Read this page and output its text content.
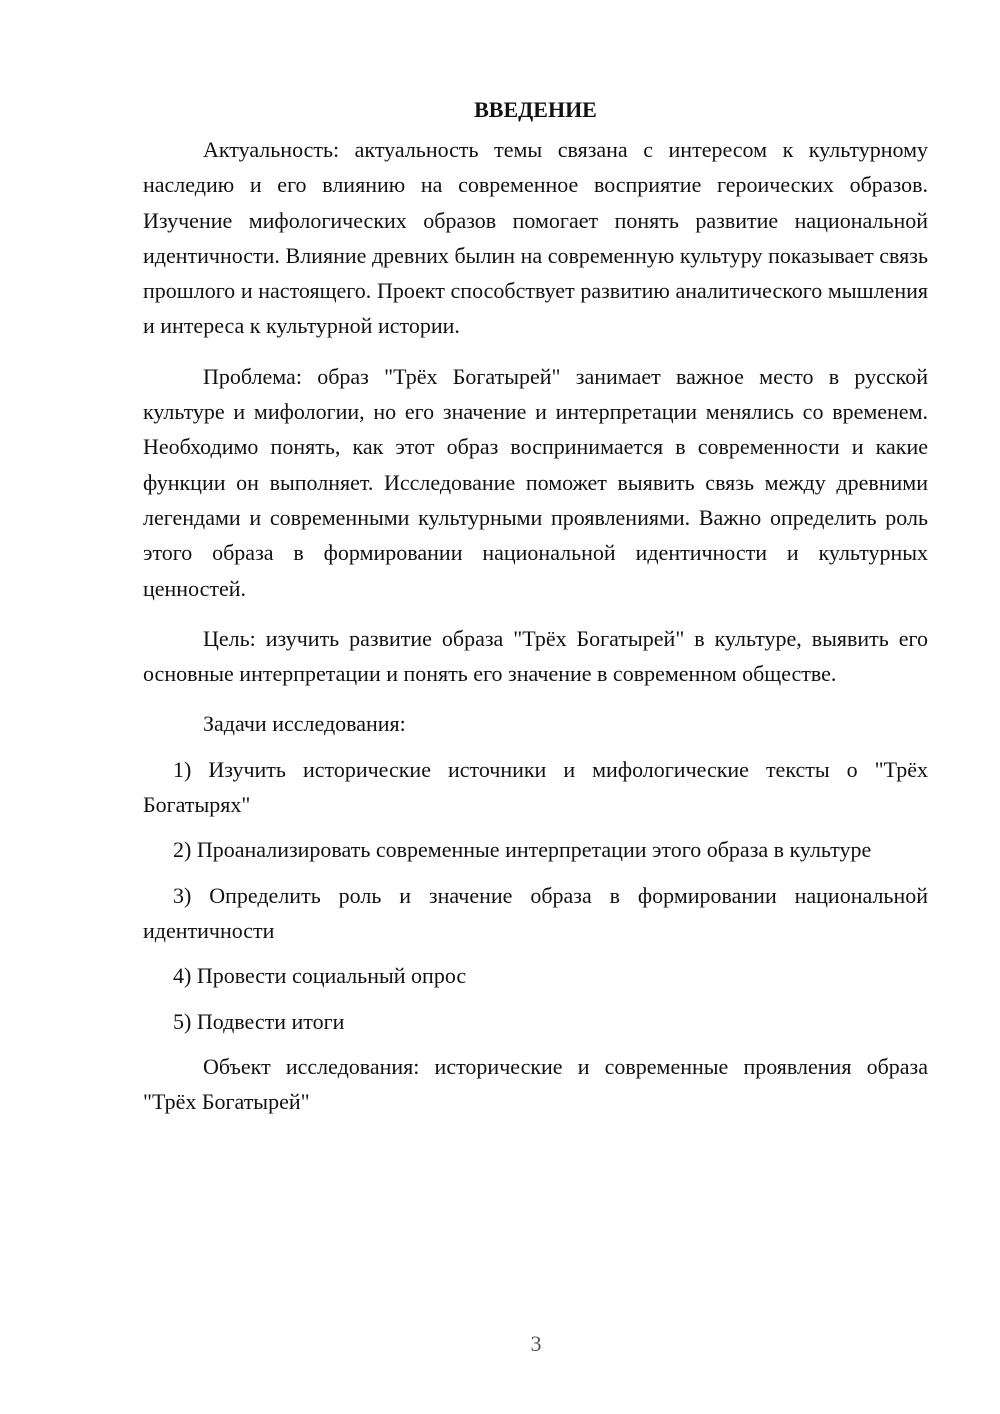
ВВЕДЕНИЕ

Актуальность: актуальность темы связана с интересом к культурному наследию и его влиянию на современное восприятие героических образов. Изучение мифологических образов помогает понять развитие национальной идентичности. Влияние древних былин на современную культуру показывает связь прошлого и настоящего. Проект способствует развитию аналитического мышления и интереса к культурной истории.

Проблема: образ "Трёх Богатырей" занимает важное место в русской культуре и мифологии, но его значение и интерпретации менялись со временем. Необходимо понять, как этот образ воспринимается в современности и какие функции он выполняет. Исследование поможет выявить связь между древними легендами и современными культурными проявлениями. Важно определить роль этого образа в формировании национальной идентичности и культурных ценностей.

Цель: изучить развитие образа "Трёх Богатырей" в культуре, выявить его основные интерпретации и понять его значение в современном обществе.

Задачи исследования:

1) Изучить исторические источники и мифологические тексты о "Трёх Богатырях"

2) Проанализировать современные интерпретации этого образа в культуре

3) Определить роль и значение образа в формировании национальной идентичности

4) Провести социальный опрос

5) Подвести итоги

Объект исследования: исторические и современные проявления образа "Трёх Богатырей"

3
